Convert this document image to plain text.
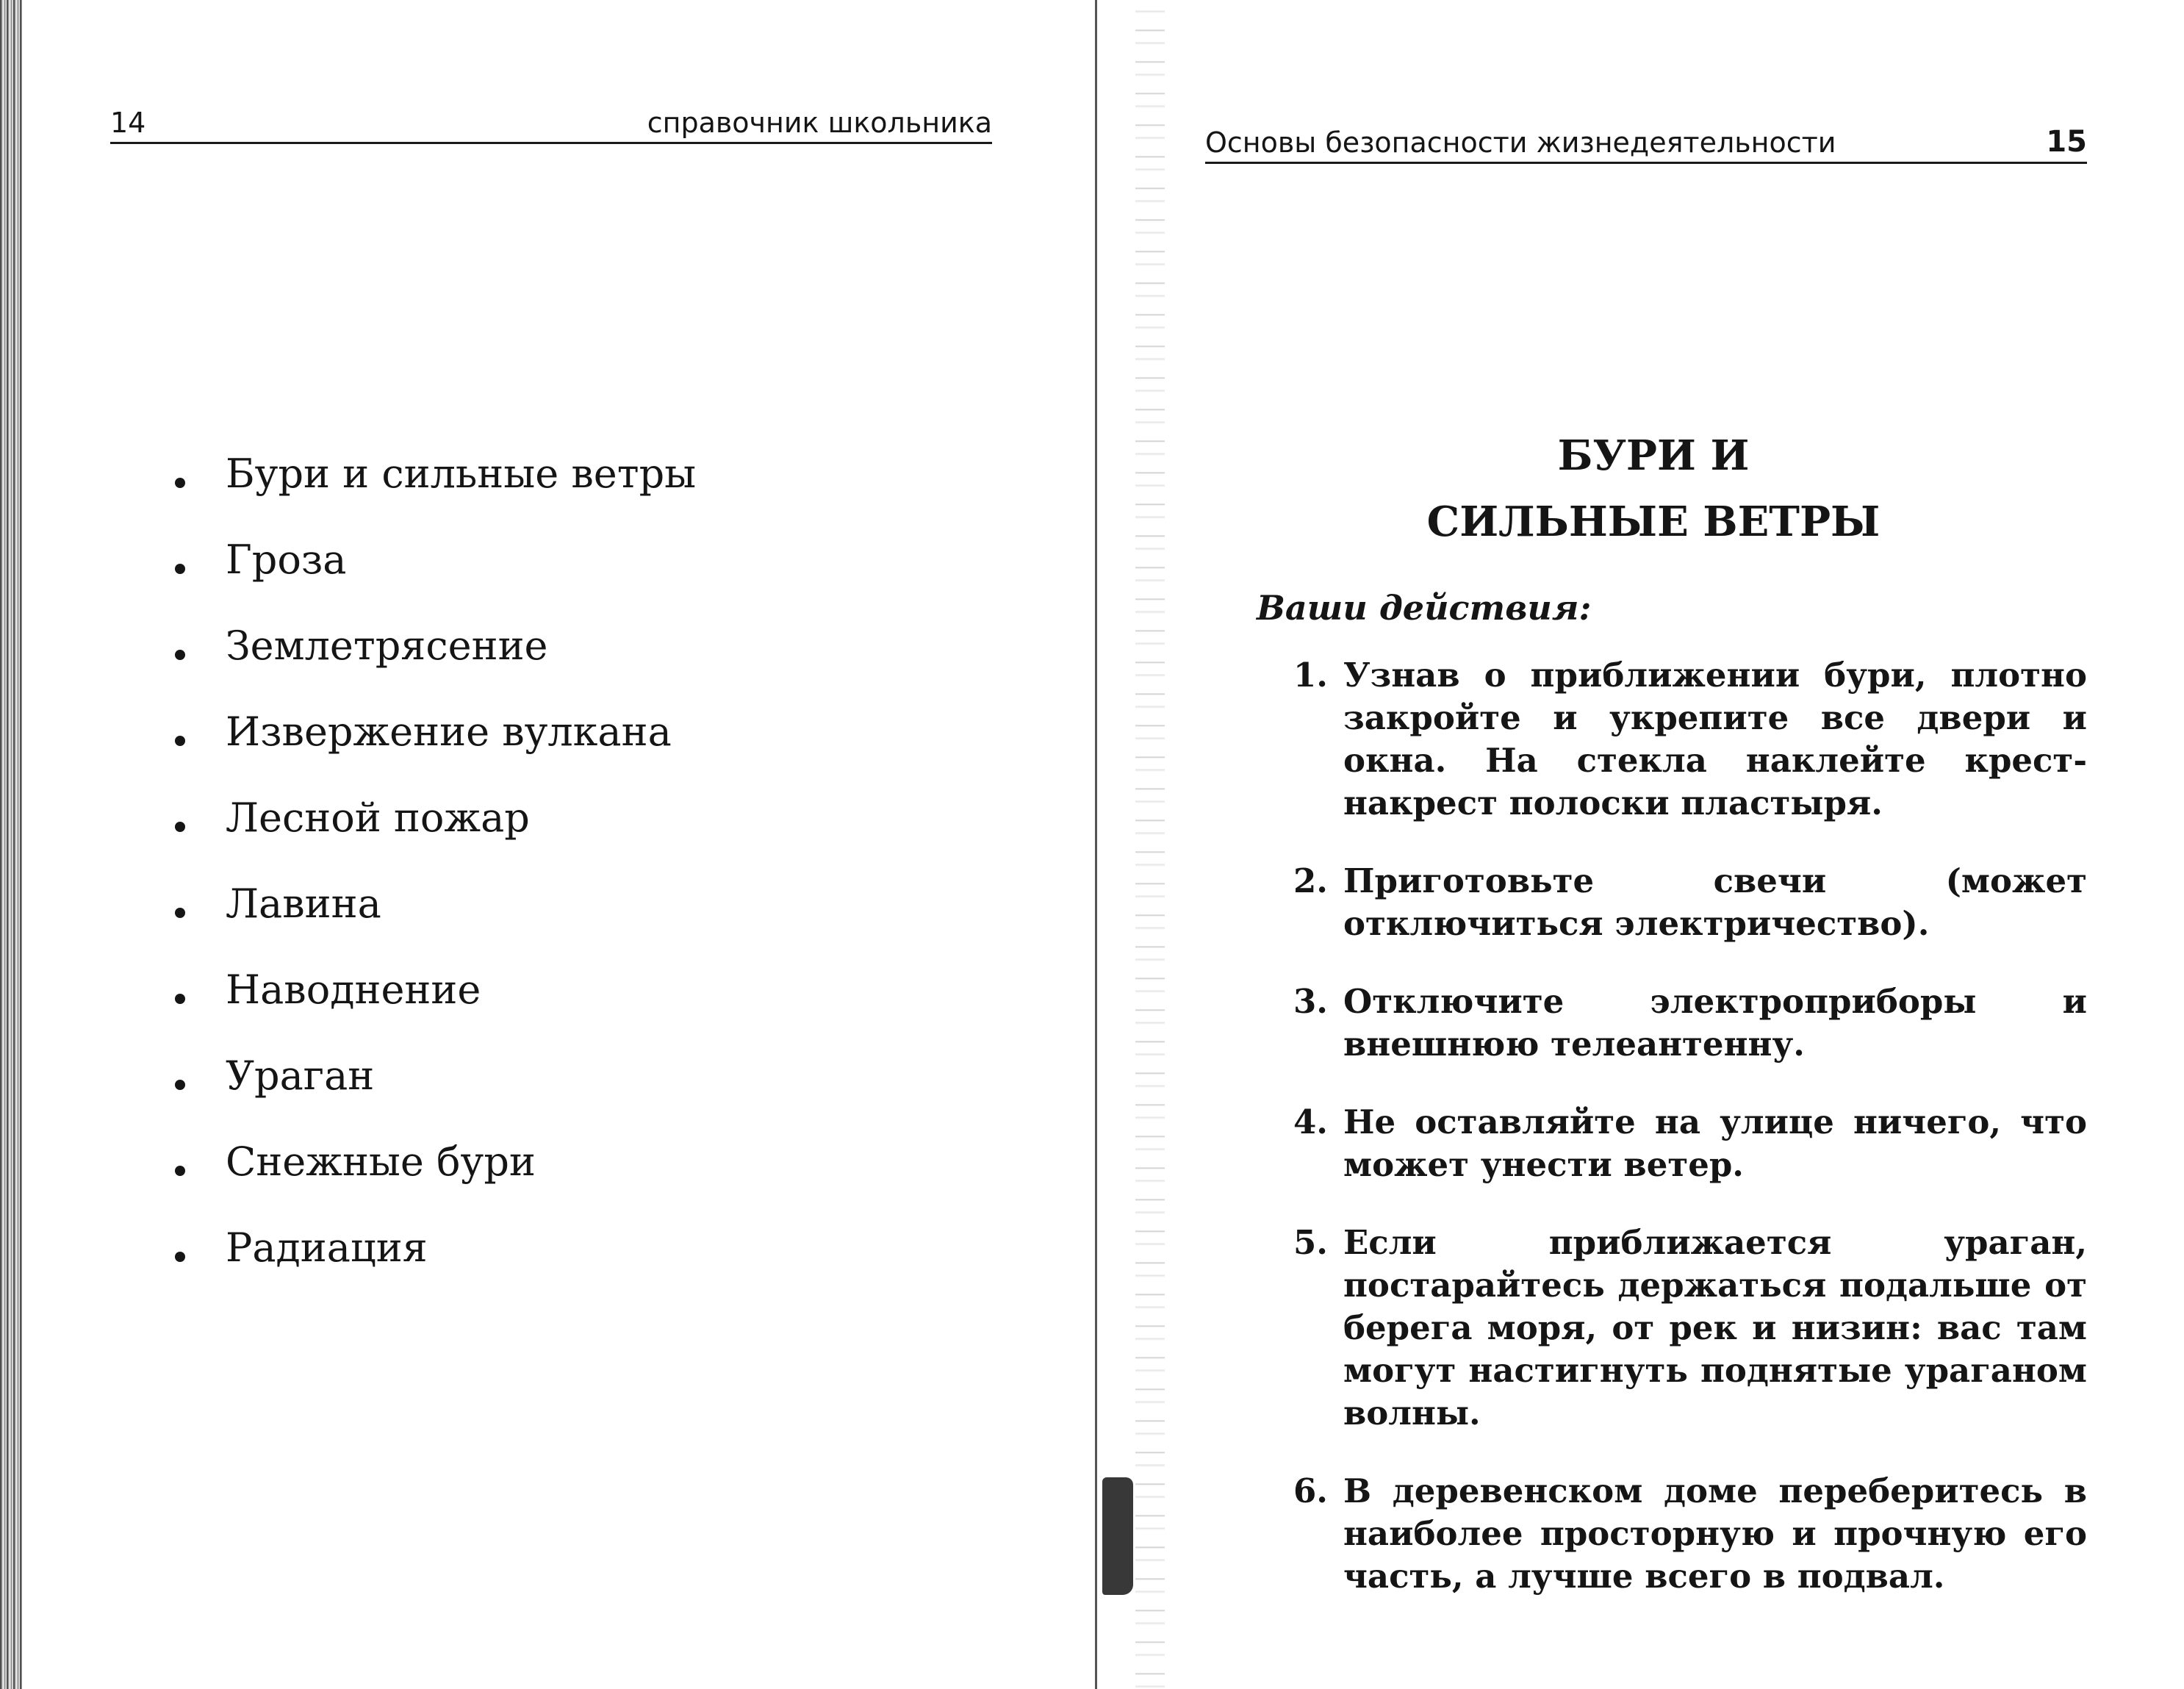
14	справочник школьника
Бури и сильные ветры
Гроза
Землетрясение
Извержение вулкана
Лесной пожар
Лавина
Наводнение
Ураган
Снежные бури
Радиация
Основы безопасности жизнедеятельности	15
БУРИ И
СИЛЬНЫЕ ВЕТРЫ

Ваши действия:

1. Узнав о приближении бури, плотно закройте и укрепите все двери и окна. На стекла наклейте крест-накрест полоски пластыря.
2. Приготовьте свечи (может отключиться электричество).
3. Отключите электроприборы и внешнюю телеантенну.
4. Не оставляйте на улице ничего, что может унести ветер.
5. Если приближается ураган, постарайтесь держаться подальше от берега моря, от рек и низин: вас там могут настигнуть поднятые ураганом волны.
6. В деревенском доме переберитесь в наиболее просторную и прочную его часть, а лучше всего в подвал.
